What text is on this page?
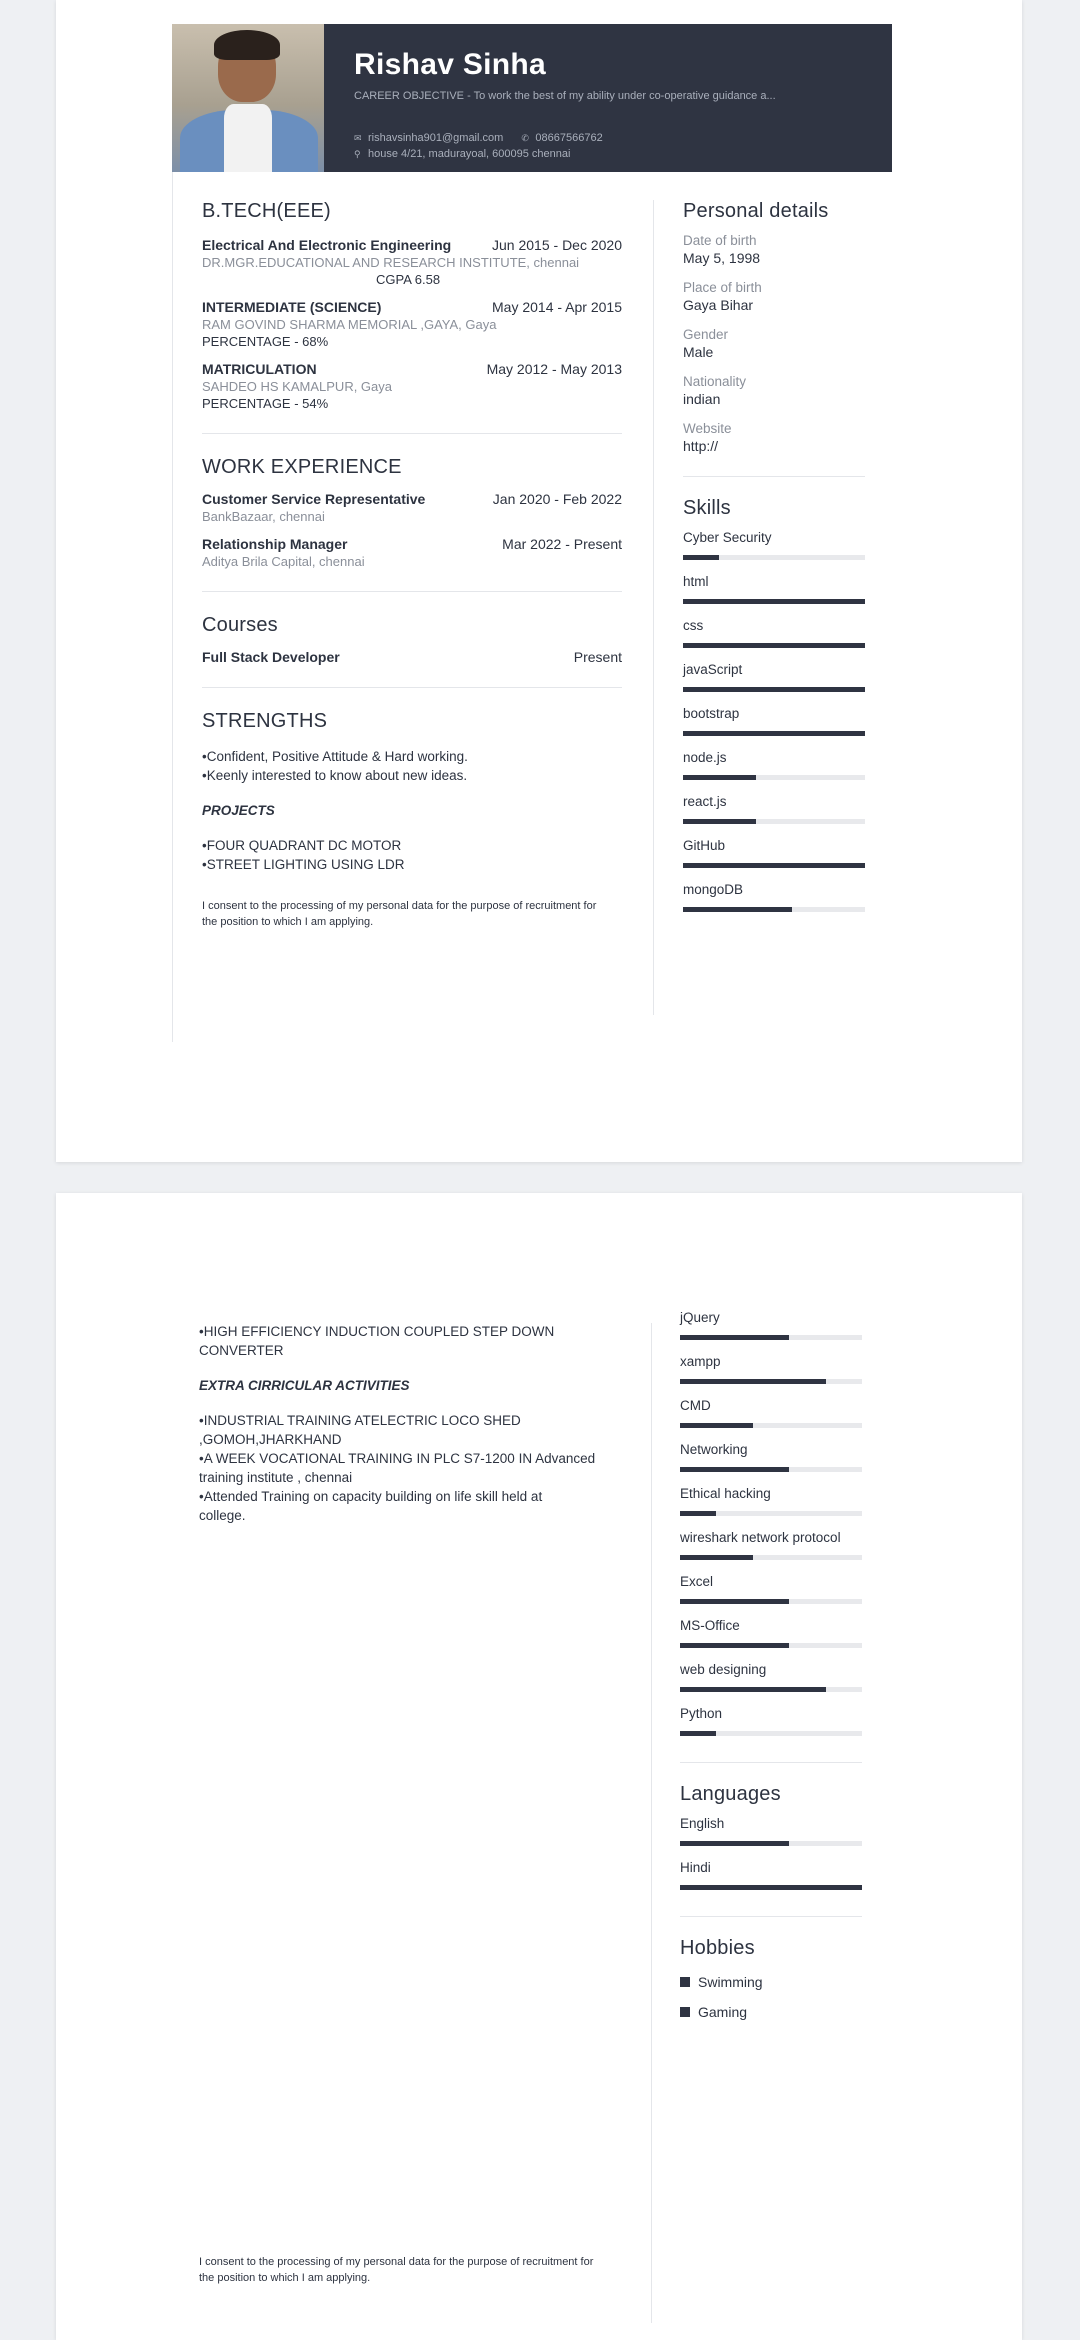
Rishav Sinha
CAREER OBJECTIVE - To work the best of my ability under co-operative guidance a...
✉ rishavsinha901@gmail.com ✆ 08667566762
⚲ house 4/21, madurayoal, 600095 chennai
B.TECH(EEE)
Electrical And Electronic Engineering	Jun 2015 - Dec 2020
DR.MGR.EDUCATIONAL AND RESEARCH INSTITUTE, chennai
CGPA 6.58
INTERMEDIATE (SCIENCE)	May 2014 - Apr 2015
RAM GOVIND SHARMA MEMORIAL ,GAYA, Gaya
PERCENTAGE - 68%
MATRICULATION	May 2012 - May 2013
SAHDEO HS KAMALPUR, Gaya
PERCENTAGE - 54%
WORK EXPERIENCE
Customer Service Representative	Jan 2020 - Feb 2022
BankBazaar, chennai
Relationship Manager	Mar 2022 - Present
Aditya Brila Capital, chennai
Courses
Full Stack Developer	Present
STRENGTHS
•Confident, Positive Attitude & Hard working.
•Keenly interested to know about new ideas.
PROJECTS
•FOUR QUADRANT DC MOTOR
•STREET LIGHTING USING LDR
I consent to the processing of my personal data for the purpose of recruitment for the position to which I am applying.
Personal details
Date of birth
May 5, 1998
Place of birth
Gaya Bihar
Gender
Male
Nationality
indian
Website
http://
Skills
Cyber Security
html
css
javaScript
bootstrap
node.js
react.js
GitHub
mongoDB
•HIGH EFFICIENCY INDUCTION COUPLED STEP DOWN
CONVERTER
EXTRA CIRRICULAR ACTIVITIES
•INDUSTRIAL TRAINING ATELECTRIC LOCO SHED
,GOMOH,JHARKHAND
•A WEEK VOCATIONAL TRAINING IN PLC S7-1200 IN Advanced
training institute , chennai
•Attended Training on capacity building on life skill held at
college.
I consent to the processing of my personal data for the purpose of recruitment for the position to which I am applying.
jQuery
xampp
CMD
Networking
Ethical hacking
wireshark network protocol
Excel
MS-Office
web designing
Python
Languages
English
Hindi
Hobbies
Swimming
Gaming
